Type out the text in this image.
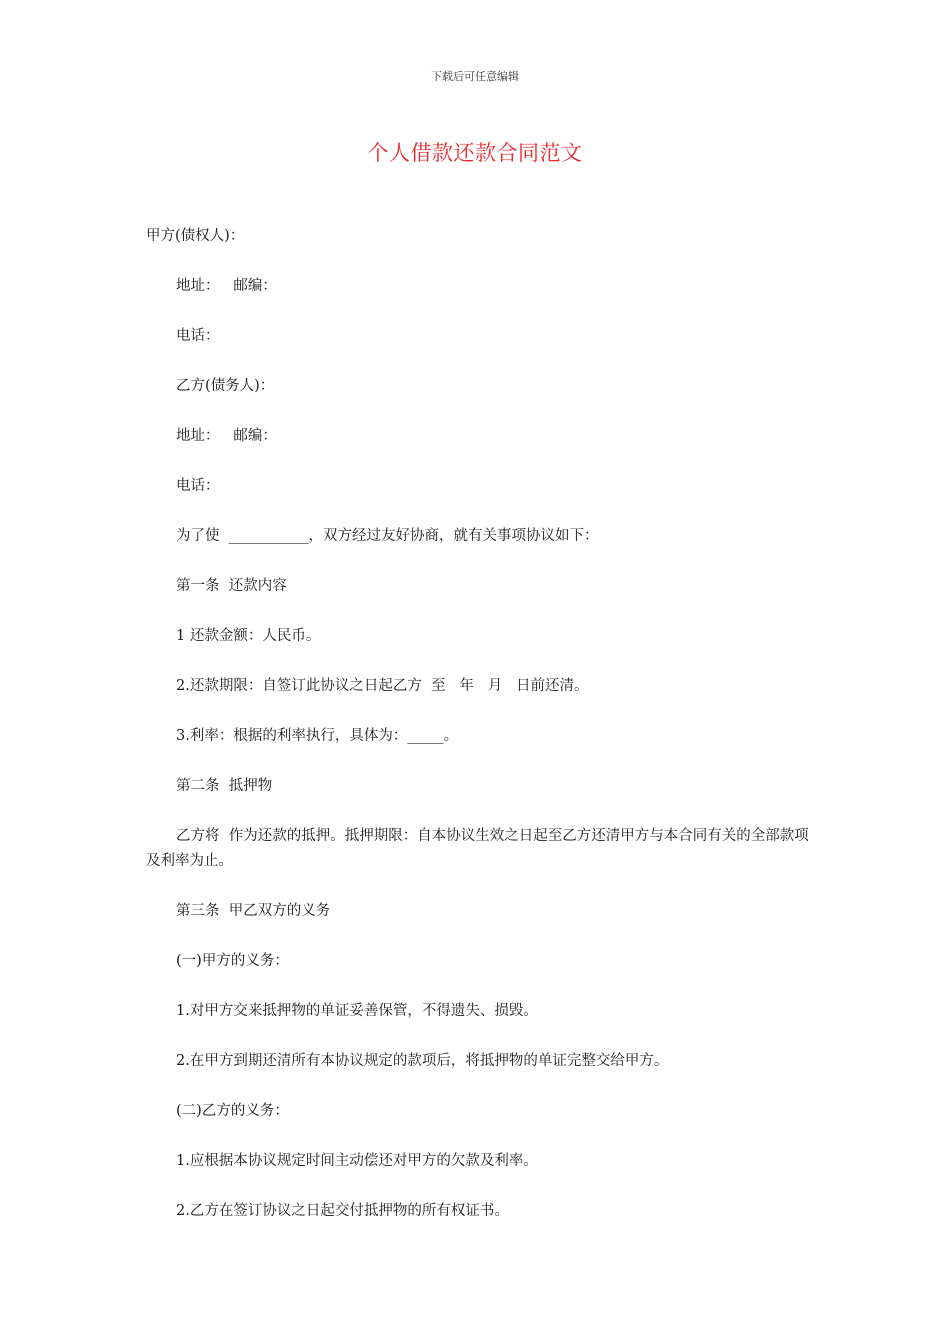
下载后可任意编辑
个人借款还款合同范文

甲方(债权人)：

地址：   邮编：

电话：

乙方(债务人)：

地址：   邮编：

电话：

为了使  ___________，双方经过友好协商，就有关事项协议如下：

第一条  还款内容

1 还款金额：人民币。

2.还款期限：自签订此协议之日起乙方  至   年   月   日前还清。

3.利率：根据的利率执行，具体为：_____。

第二条  抵押物

乙方将  作为还款的抵押。抵押期限：自本协议生效之日起至乙方还清甲方与本合同有关的全部款项及利率为止。

第三条  甲乙双方的义务

(一)甲方的义务：

1.对甲方交来抵押物的单证妥善保管，不得遗失、损毁。

2.在甲方到期还清所有本协议规定的款项后，将抵押物的单证完整交给甲方。

(二)乙方的义务：

1.应根据本协议规定时间主动偿还对甲方的欠款及利率。

2.乙方在签订协议之日起交付抵押物的所有权证书。
